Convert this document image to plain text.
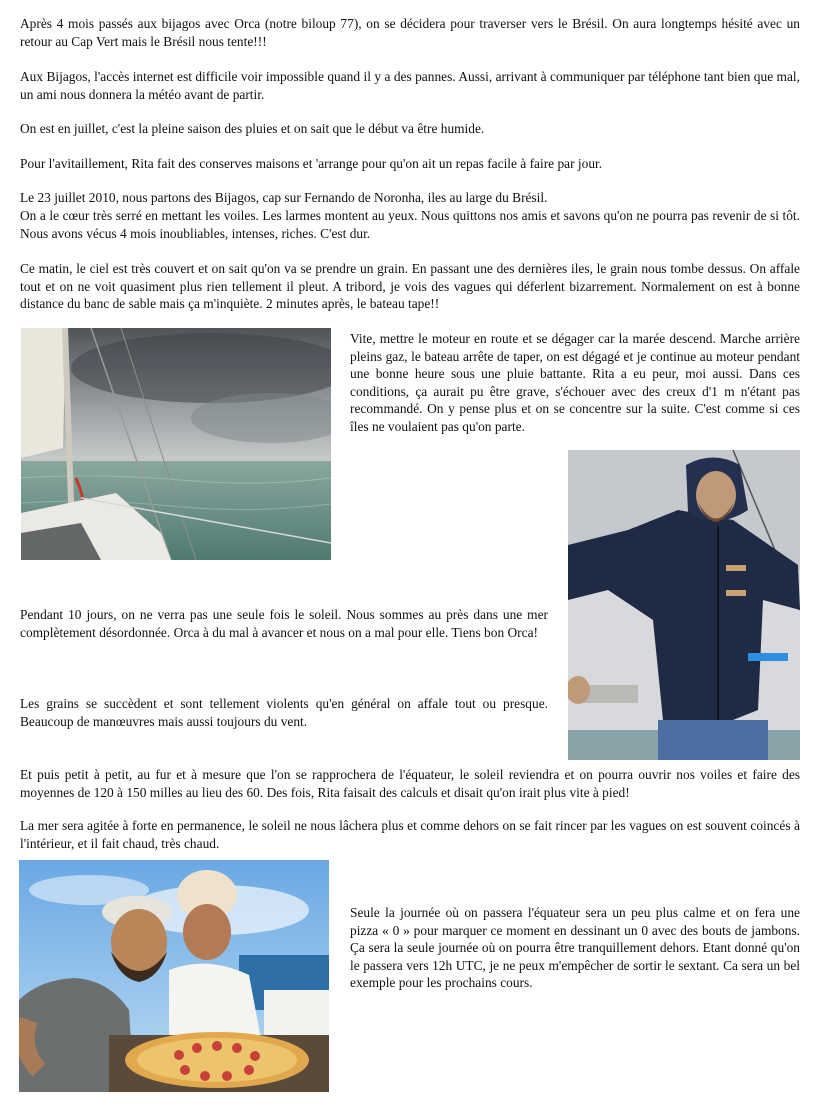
Après 4 mois passés aux bijagos avec Orca (notre biloup 77), on se décidera pour traverser vers le Brésil. On aura longtemps hésité avec un retour au Cap Vert mais le Brésil nous tente!!!

Aux Bijagos, l'accès internet est difficile voir impossible quand il y a des pannes. Aussi, arrivant à communiquer par téléphone tant bien que mal, un ami nous donnera la météo avant de partir.

On est en juillet, c'est la pleine saison des pluies et on sait que le début va être humide.

Pour l'avitaillement, Rita fait des conserves maisons et 'arrange pour qu'on ait un repas facile à faire par jour.

Le 23 juillet 2010, nous partons des Bijagos, cap sur Fernando de Noronha, iles au large du Brésil.

On a le cœur très serré en mettant les voiles. Les larmes montent au yeux. Nous quittons nos amis et savons qu'on ne pourra pas revenir de si tôt. Nous avons vécus 4 mois inoubliables, intenses, riches. C'est dur.

Ce matin, le ciel est très couvert et on sait qu'on va se prendre un grain. En passant une des dernières iles, le grain nous tombe dessus. On affale tout et on ne voit quasiment plus rien tellement il pleut. A tribord, je vois des vagues qui déferlent bizarrement. Normalement on est à bonne distance du banc de sable mais ça m'inquiète. 2 minutes après, le bateau tape!!

Vite, mettre le moteur en route et se dégager car la marée descend. Marche arrière pleins gaz, le bateau arrête de taper, on est dégagé et je continue au moteur pendant une bonne heure sous une pluie battante. Rita a eu peur, moi aussi. Dans ces conditions, ça aurait pu être grave, s'échouer avec des creux d'1 m n'étant pas recommandé. On y pense plus et on se concentre sur la suite. C'est comme si ces îles ne voulaient pas qu'on parte.

Pendant 10 jours, on ne verra pas une seule fois le soleil. Nous sommes au près dans une mer complètement désordonnée. Orca à du mal à avancer et nous on a mal pour elle. Tiens bon Orca!

Les grains se succèdent et sont tellement violents qu'en général on affale tout ou presque. Beaucoup de manœuvres mais aussi toujours du vent.

Et puis petit à petit, au fur et à mesure que l'on se rapprochera de l'équateur, le soleil reviendra et on pourra ouvrir nos voiles et faire des moyennes de 120 à 150 milles au lieu des 60. Des fois, Rita faisait des calculs et disait qu'on irait plus vite à pied!

La mer sera agitée à forte en permanence, le soleil ne nous lâchera plus et comme dehors on se fait rincer par les vagues on est souvent coincés à l'intérieur, et il fait chaud, très chaud.

Seule la journée où on passera l'équateur sera un peu plus calme et on fera une pizza « 0 » pour marquer ce moment en dessinant un 0 avec des bouts de jambons. Ça sera la seule journée où on pourra être tranquillement dehors. Etant donné qu'on le passera vers 12h UTC, je ne peux m'empêcher de sortir le sextant. Ca sera un bel exemple pour les prochains cours.
